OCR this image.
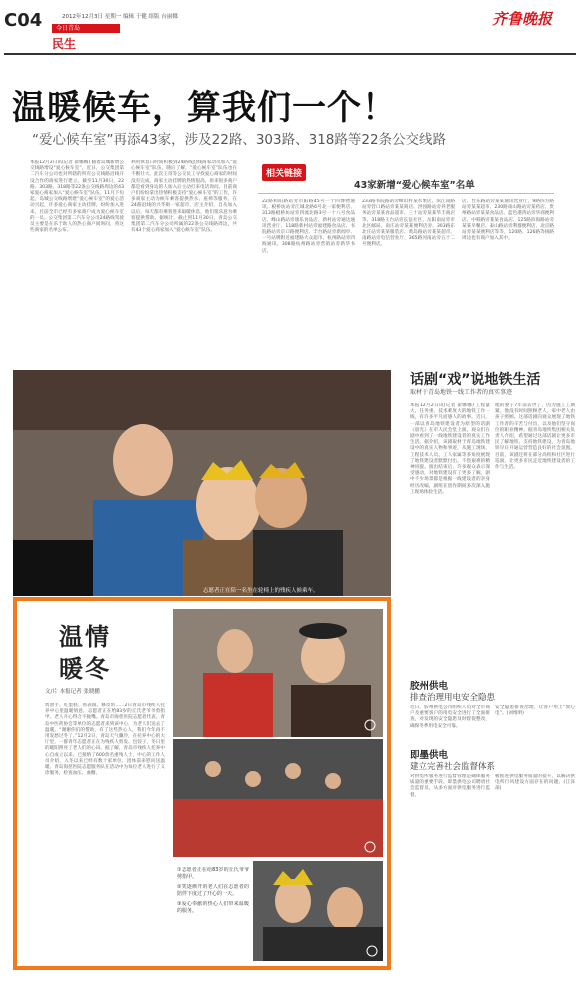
C04	2012年12月3日 星期一 编辑 于健 组版 台丽娜
今日青岛
民生
齐鲁晚报
温暖候车，算我们一个！
“爱心候车室”再添43家，涉及22路、303路、318路等22条公交线路
本报12月2日讯(记者 翟娜娜) 随着岛城新增公交线路增设“爱心候车室”，近日，公交集团第二汽车分公司也对所辖的所有公交线路沿线开设合作的商家进行建立。截至11月30日，22路、303路、318路等22条公交线路周边的43家爱心商家加入“爱心候车室”队伍。11月下旬起，岛城公交线路增建“爱心候车室”的爱心活动兴起，许多爱心商家主动挂牌，纷纷加入进来，目前全市已经有多家商户成为爱心候车室的一员。公交集团第二汽车分公司24路线驾驶员主要是在乐于助人的热心商户间询问，将这些商家的名单公布。
利用休息日时间积极到24路线沿线商家动员加入“爱心候车室”队伍，随后了解，“爱心候车室”队伍也在不断壮大。此次王哥等公交员工寻找爱心商家的时间没有完成，商家主动挂牌的热情很高，原来很多商户都是看到身边的人加入后主动打来电话询问。目前商户们纷纷拿出热情积极支持“爱心候车室”的工作，许多商家主动为候车乘客提供热水、座椅等服务。在24路沿线的兴华街一家超市，店主介绍，自从加入以后，每天都有乘客进来取暖休息，他们很乐意为乘客提供帮助。据统计，截止到11月30日，青岛公交集团第二汽车分公司所属的22条公交线路周边，共有43个爱心商家加入“爱心候车室”队伍。
相关链接
43家新增“爱心候车室”名单
22路和阳路站旁市阳路45号一十四博物通讯、板桥坊站旁江城北路6号北一家便利店、313路板桥坊站旁四流北路3号一十八号食品店、峰山路站旁康乐食品店、新村站旁通达通讯营业厅、118路新村站旁福建路食品店、书院路站旁京口路便利店、丰台路站旁新闻亭、一号站牌附近福建路大众超市、杭州路站旁四海通讯、308路杭州路站旁营销站旁新华书店。
233路书院路站旁峰山村某水果店、滨江南路站旁营口路站旁某某商店、洪园路站旁养老服务站旁某某食品超市、三十站旁某某华丰商店等、318路王台站旁长征社区、岳阳南站旁市北区邮局、南庄站旁某某便利店旁、303路东北庄站旁某某服装店、黄岛路站旁某某超市、南路站旁电信营业厅、365路河南站旁五十二号便利店。
店、台东路站旁某某通讯营业厅、9路四方路站旁某某超市、230路南山路站旁某药店、贵州路站旁某某食品店、蓝色港湾站旁华商便利店、中韩路旁某某食品店、125路滨海路站旁某某早餐店、泰山路站旁利群便利店、北京路站旁某某便利店等等，120路、126路等线路周边也有商户加入其中。
志愿者正在陪一名坐在轮椅上的残疾人候乘车。
话剧“戏”说地铁生活
取材于青岛地铁一线工作者的真实事迹
本报12月2日讯(记者 翟娜娜) 工程量大、任务重、技术难度大的地铁工作一线，有许多平凡而感人的故事。近日，一部以青岛地铁建设者为原型的话剧《晨光》在市人民会堂上演，观众们在剧中看到了一线地铁建设者的真实工作生活。据介绍，该剧取材于青岛地铁建设中的真实人物和事迹，从施工现场、工程技术人员、工人家属等多角度展现了地铁建设者默默付出、不畏艰难的精神风貌。演出结束后，许多观众表示深受感动，对地铁建设有了更多了解。剧中不少场景都是根据一线建设者的亲身经历改编，剧组在创作期间多次深入施工现场体验生活。
他的妻子7年前去世了，因为施工工期紧，他没有时间照顾老人，家中老人由孩子照顾。这部话剧向观众展现了地铁工作者的辛苦与付出，以及他们坚守岗位的职业精神。据青岛地铁集团相关负责人介绍，希望通过这部话剧让更多市民了解地铁、支持地铁建设，为青岛地铁早日开通运营营造良好的社会氛围。目前，该剧还将在部分高校和社区进行巡演，让更多市民走近地铁建设者的工作与生活。
胶州供电
排查治理用电安全隐患
近日，胶州供电公司组织人员对全市商户及重要客户的用电安全进行了全面排查，对发现的安全隐患及时督促整改，确保冬季用电安全可靠。
安全隐患排查治理，让客户用上“放心电”。(刘维明)
即墨供电
建立完善社会监督体系
对供电所服务进行监督管理是确保服务质量的重要手段。即墨供电公司聘请社会监督员，从多方面对供电服务进行监督。
极推进供电服务质量的提升，以解决供电所行风建设方面存在的问题。(江泽菡)
温情
暖冬
文/片 本报记者 张晓鹏
剪窗手、吃蛋糕、看表演、修皮带……2日青岛市残疾人托养中心里温暖情意，志愿者正在给83岁的丘氏老爷爷剪指甲。老人开心得合不拢嘴。青岛市海慈医院志愿者代表，青岛中医药协会等单位的志愿者来到该中心，为老人们送去了温暖。“谢谢你们的帮助，有了这些热心人，我们今年再不用发愁过冬了。”12月2日，青岛天气骤冷，在托养中心的大厅里，一群青年志愿者正在为残疾人剪发、包饺子，冬日里的暖阳照亮了老人们的心田。据了解，青岛市残疾人托养中心自成立以来，已接纳了600余名重残人士，中心的工作人员介绍，入冬以来已经有数十家单位、团体前来慰问送温暖。青岛海慈医院志愿服务队在活动中为每位老人进行了义诊服务，检查血压、血糖。
①志愿者正在给83岁的丘氏爷爷剪指甲。
②笑逐颜开的老人们在志愿者的陪伴下度过了开心的一天。
③爱心奉献的热心人们带来温暖的服务。
